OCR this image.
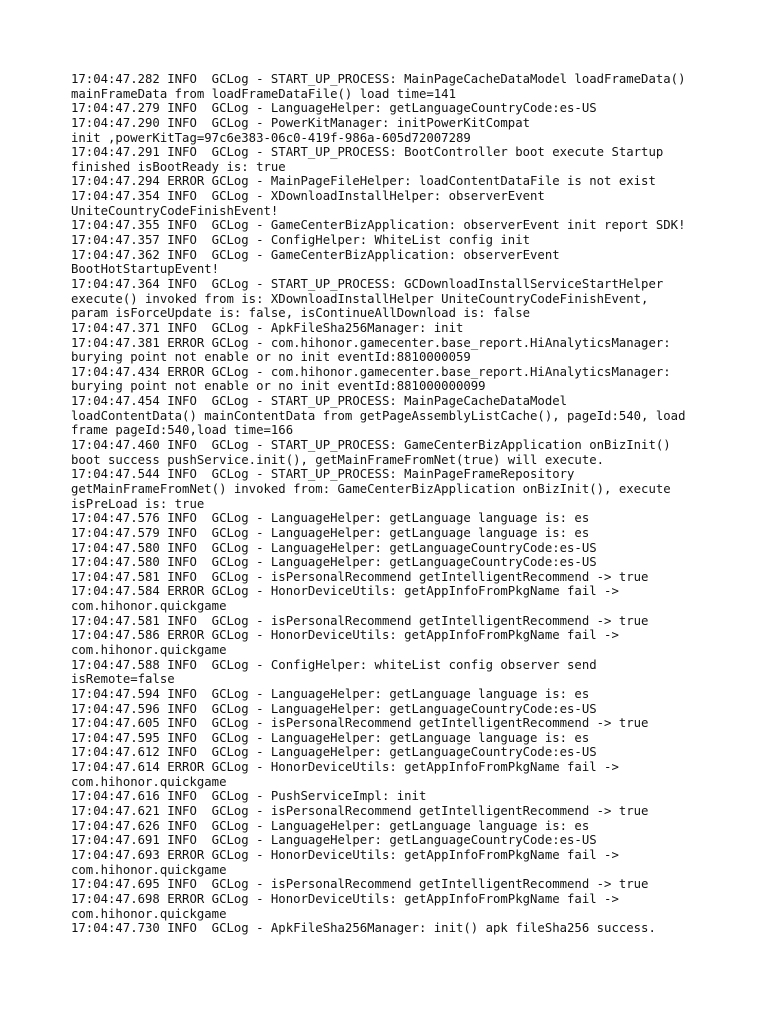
17:04:47.282 INFO  GCLog - START_UP_PROCESS: MainPageCacheDataModel loadFrameData()
mainFrameData from loadFrameDataFile() load time=141
17:04:47.279 INFO  GCLog - LanguageHelper: getLanguageCountryCode:es-US
17:04:47.290 INFO  GCLog - PowerKitManager: initPowerKitCompat
init ,powerKitTag=97c6e383-06c0-419f-986a-605d72007289
17:04:47.291 INFO  GCLog - START_UP_PROCESS: BootController boot execute Startup
finished isBootReady is: true
17:04:47.294 ERROR GCLog - MainPageFileHelper: loadContentDataFile is not exist
17:04:47.354 INFO  GCLog - XDownloadInstallHelper: observerEvent
UniteCountryCodeFinishEvent!
17:04:47.355 INFO  GCLog - GameCenterBizApplication: observerEvent init report SDK!
17:04:47.357 INFO  GCLog - ConfigHelper: WhiteList config init
17:04:47.362 INFO  GCLog - GameCenterBizApplication: observerEvent
BootHotStartupEvent!
17:04:47.364 INFO  GCLog - START_UP_PROCESS: GCDownloadInstallServiceStartHelper
execute() invoked from is: XDownloadInstallHelper UniteCountryCodeFinishEvent,
param isForceUpdate is: false, isContinueAllDownload is: false
17:04:47.371 INFO  GCLog - ApkFileSha256Manager: init
17:04:47.381 ERROR GCLog - com.hihonor.gamecenter.base_report.HiAnalyticsManager:
burying point not enable or no init eventId:8810000059
17:04:47.434 ERROR GCLog - com.hihonor.gamecenter.base_report.HiAnalyticsManager:
burying point not enable or no init eventId:881000000099
17:04:47.454 INFO  GCLog - START_UP_PROCESS: MainPageCacheDataModel
loadContentData() mainContentData from getPageAssemblyListCache(), pageId:540, load
frame pageId:540,load time=166
17:04:47.460 INFO  GCLog - START_UP_PROCESS: GameCenterBizApplication onBizInit()
boot success pushService.init(), getMainFrameFromNet(true) will execute.
17:04:47.544 INFO  GCLog - START_UP_PROCESS: MainPageFrameRepository
getMainFrameFromNet() invoked from: GameCenterBizApplication onBizInit(), execute
isPreLoad is: true
17:04:47.576 INFO  GCLog - LanguageHelper: getLanguage language is: es
17:04:47.579 INFO  GCLog - LanguageHelper: getLanguage language is: es
17:04:47.580 INFO  GCLog - LanguageHelper: getLanguageCountryCode:es-US
17:04:47.580 INFO  GCLog - LanguageHelper: getLanguageCountryCode:es-US
17:04:47.581 INFO  GCLog - isPersonalRecommend getIntelligentRecommend -> true
17:04:47.584 ERROR GCLog - HonorDeviceUtils: getAppInfoFromPkgName fail ->
com.hihonor.quickgame
17:04:47.581 INFO  GCLog - isPersonalRecommend getIntelligentRecommend -> true
17:04:47.586 ERROR GCLog - HonorDeviceUtils: getAppInfoFromPkgName fail ->
com.hihonor.quickgame
17:04:47.588 INFO  GCLog - ConfigHelper: whiteList config observer send
isRemote=false
17:04:47.594 INFO  GCLog - LanguageHelper: getLanguage language is: es
17:04:47.596 INFO  GCLog - LanguageHelper: getLanguageCountryCode:es-US
17:04:47.605 INFO  GCLog - isPersonalRecommend getIntelligentRecommend -> true
17:04:47.595 INFO  GCLog - LanguageHelper: getLanguage language is: es
17:04:47.612 INFO  GCLog - LanguageHelper: getLanguageCountryCode:es-US
17:04:47.614 ERROR GCLog - HonorDeviceUtils: getAppInfoFromPkgName fail ->
com.hihonor.quickgame
17:04:47.616 INFO  GCLog - PushServiceImpl: init
17:04:47.621 INFO  GCLog - isPersonalRecommend getIntelligentRecommend -> true
17:04:47.626 INFO  GCLog - LanguageHelper: getLanguage language is: es
17:04:47.691 INFO  GCLog - LanguageHelper: getLanguageCountryCode:es-US
17:04:47.693 ERROR GCLog - HonorDeviceUtils: getAppInfoFromPkgName fail ->
com.hihonor.quickgame
17:04:47.695 INFO  GCLog - isPersonalRecommend getIntelligentRecommend -> true
17:04:47.698 ERROR GCLog - HonorDeviceUtils: getAppInfoFromPkgName fail ->
com.hihonor.quickgame
17:04:47.730 INFO  GCLog - ApkFileSha256Manager: init() apk fileSha256 success.
